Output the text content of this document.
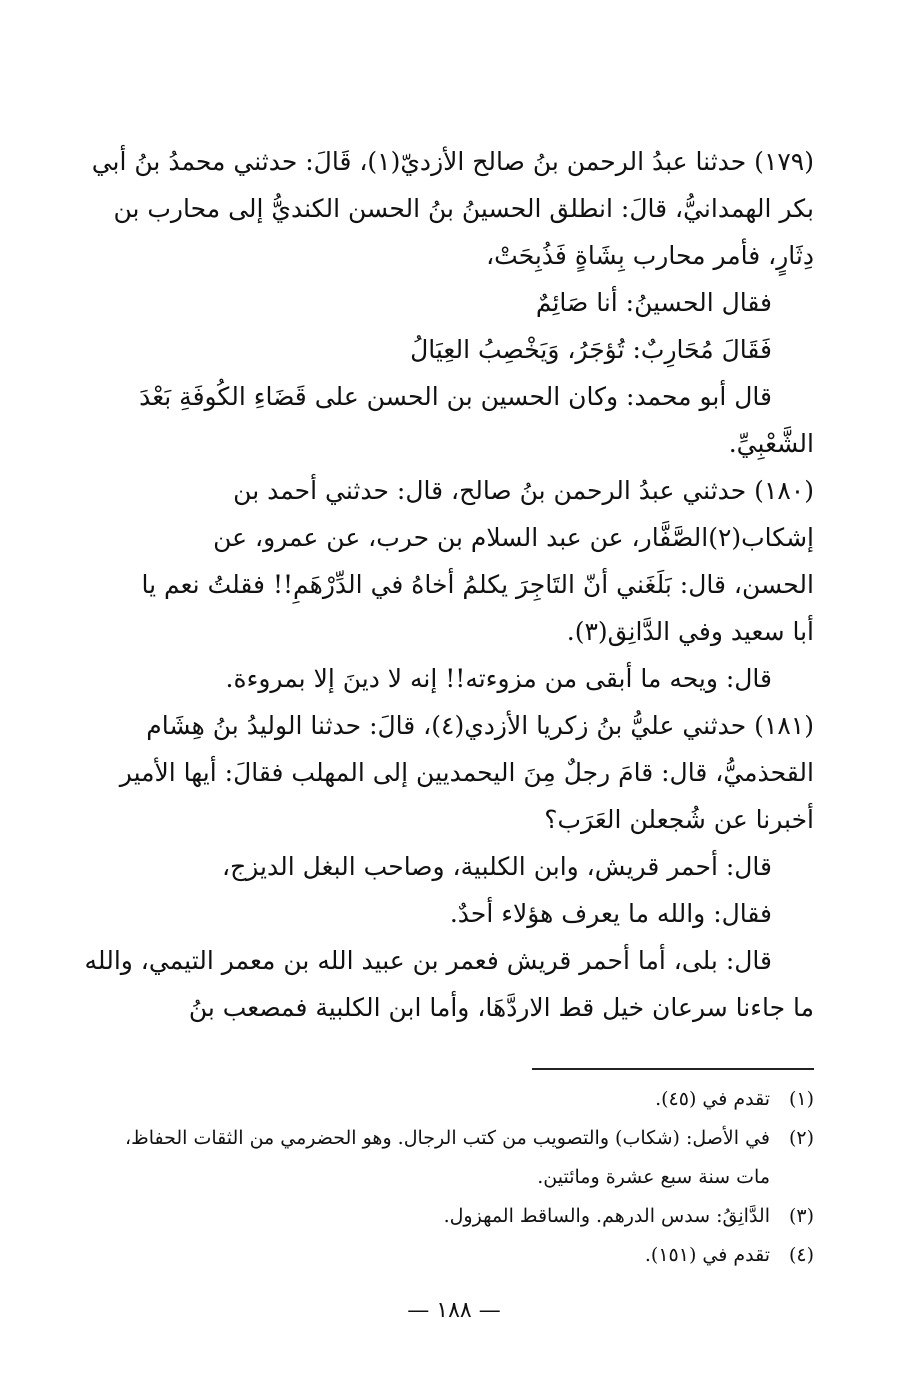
(١٧٩) حدثنا عبدُ الرحمن بنُ صالح الأزديّ(١)، قَالَ: حدثني محمدُ بنُ أبي

بكر الهمدانيُّ، قالَ: انطلق الحسينُ بنُ الحسن الكنديُّ إلى محارب بن

دِثَارٍ، فأمر محارب بِشَاةٍ فَذُبِحَتْ،

فقال الحسينُ: أنا صَائِمٌ

فَقَالَ مُحَارِبٌ: تُؤجَرُ، وَيَخْصِبُ العِيَالُ

قال أبو محمد: وكان الحسين بن الحسن على قَضَاءِ الكُوفَةِ بَعْدَ

الشَّعْبِيِّ.

(١٨٠) حدثني عبدُ الرحمن بنُ صالح، قال: حدثني أحمد بن

إشكاب(٢)الصَّفَّار، عن عبد السلام بن حرب، عن عمرو، عن

الحسن، قال: بَلَغَني أنّ التَاجِرَ يكلمُ أخاهُ في الدِّرْهَمِ!! فقلتُ نعم يا

أبا سعيد وفي الدَّانِق(٣).

قال: ويحه ما أبقى من مزوءته!! إنه لا دينَ إلا بمروءة.

(١٨١) حدثني عليُّ بنُ زكريا الأزدي(٤)، قالَ: حدثنا الوليدُ بنُ هِشَام

القحذميُّ، قال: قامَ رجلٌ مِنَ اليحمديين إلى المهلب فقالَ: أيها الأمير

أخبرنا عن شُجعلن العَرَب؟

قال: أحمر قريش، وابن الكلبية، وصاحب البغل الديزج،

فقال: والله ما يعرف هؤلاء أحدٌ.

قال: بلى، أما أحمر قريش فعمر بن عبيد الله بن معمر التيمي، والله

ما جاءنا سرعان خيل قط الاردَّهَا، وأما ابن الكلبية فمصعب بنُ

(١)
تقدم في (٤٥).
(٢)
في الأصل: (شكاب) والتصويب من كتب الرجال. وهو الحضرمي من الثقات الحفاظ،

مات سنة سبع عشرة ومائتين.

(٣)
الدَّانِقُ: سدس الدرهم. والساقط المهزول.
(٤)
تقدم في (١٥١).
— ١٨٨ —
